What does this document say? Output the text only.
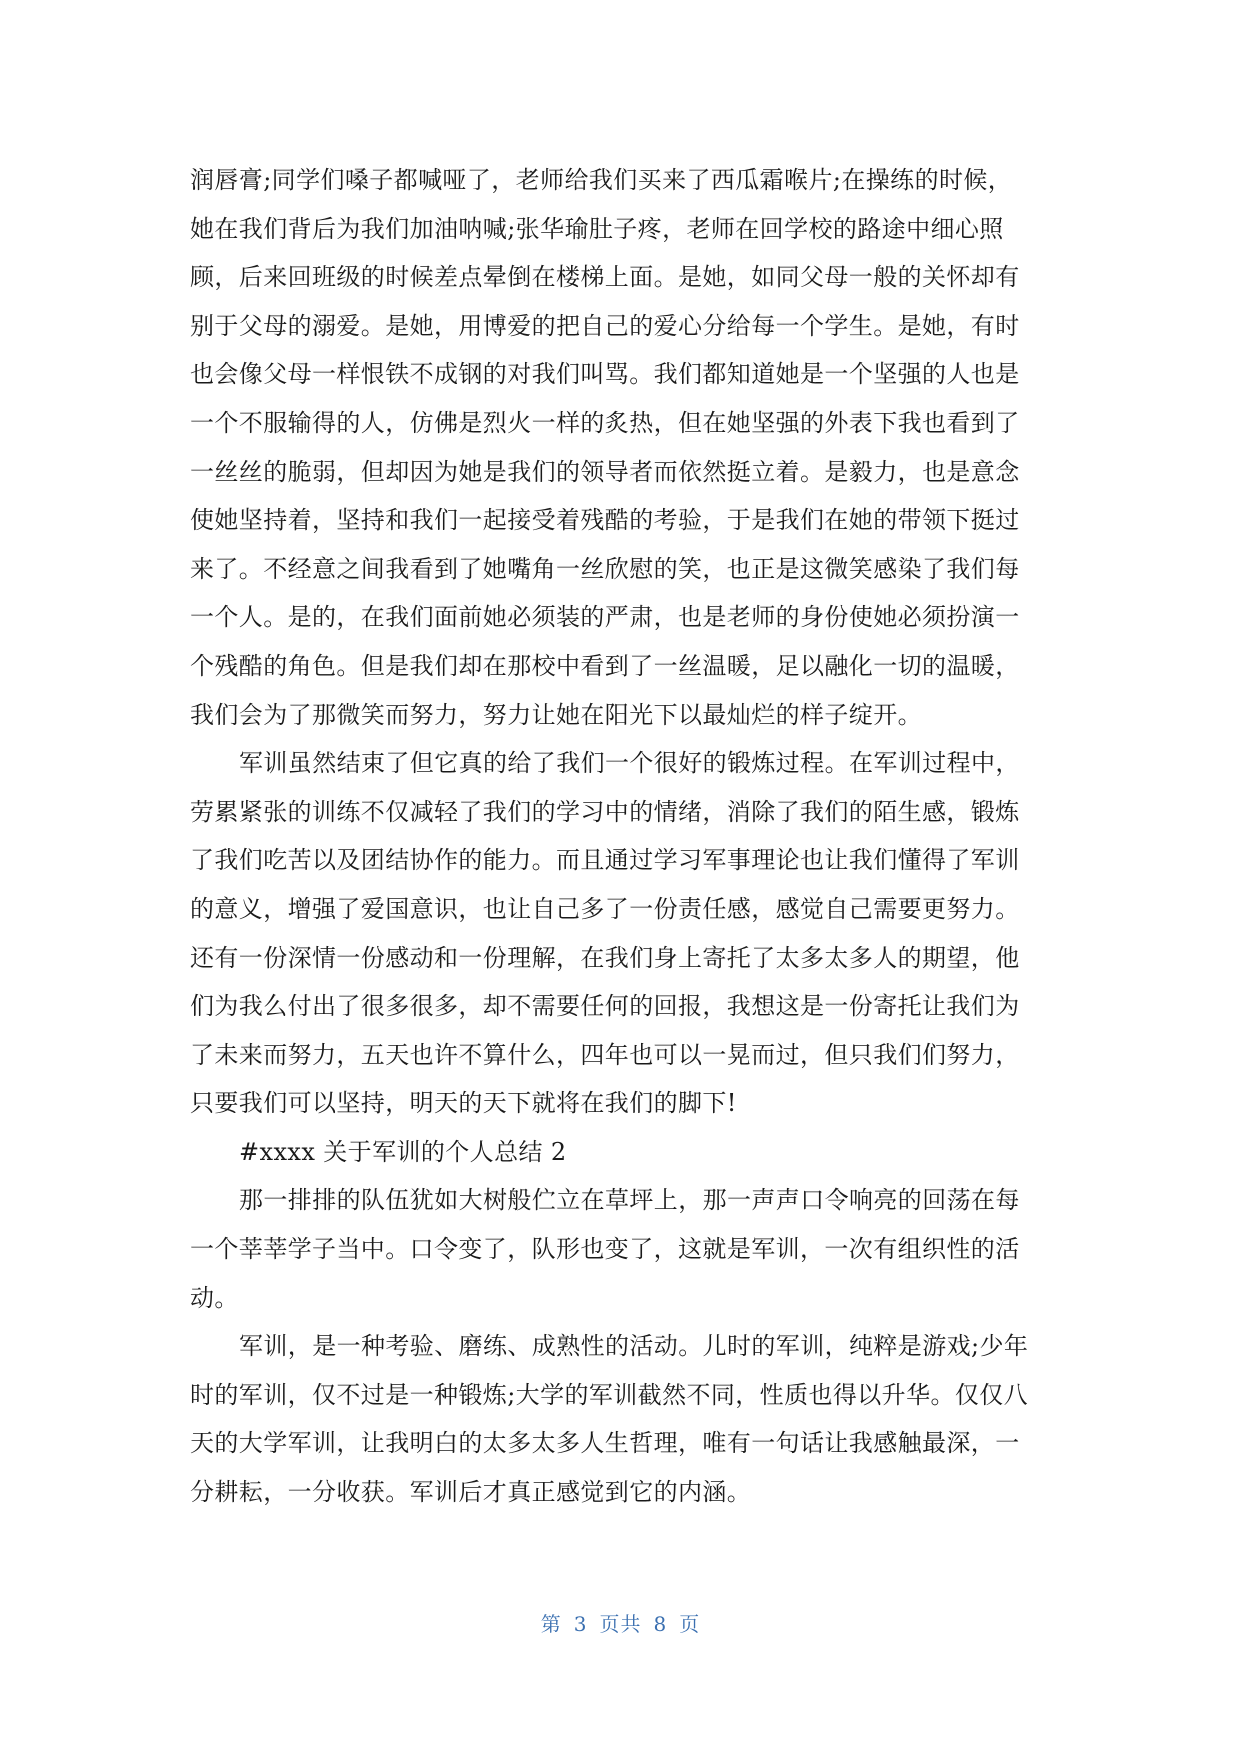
润唇膏;同学们嗓子都喊哑了，老师给我们买来了西瓜霜喉片;在操练的时候，
她在我们背后为我们加油呐喊;张华瑜肚子疼，老师在回学校的路途中细心照
顾，后来回班级的时候差点晕倒在楼梯上面。是她，如同父母一般的关怀却有
别于父母的溺爱。是她，用博爱的把自己的爱心分给每一个学生。是她，有时
也会像父母一样恨铁不成钢的对我们叫骂。我们都知道她是一个坚强的人也是
一个不服输得的人，仿佛是烈火一样的炙热，但在她坚强的外表下我也看到了
一丝丝的脆弱，但却因为她是我们的领导者而依然挺立着。是毅力，也是意念
使她坚持着，坚持和我们一起接受着残酷的考验，于是我们在她的带领下挺过
来了。不经意之间我看到了她嘴角一丝欣慰的笑，也正是这微笑感染了我们每
一个人。是的，在我们面前她必须装的严肃，也是老师的身份使她必须扮演一
个残酷的角色。但是我们却在那校中看到了一丝温暖，足以融化一切的温暖，
我们会为了那微笑而努力，努力让她在阳光下以最灿烂的样子绽开。
军训虽然结束了但它真的给了我们一个很好的锻炼过程。在军训过程中，
劳累紧张的训练不仅减轻了我们的学习中的情绪，消除了我们的陌生感，锻炼
了我们吃苦以及团结协作的能力。而且通过学习军事理论也让我们懂得了军训
的意义，增强了爱国意识，也让自己多了一份责任感，感觉自己需要更努力。
还有一份深情一份感动和一份理解，在我们身上寄托了太多太多人的期望，他
们为我么付出了很多很多，却不需要任何的回报，我想这是一份寄托让我们为
了未来而努力，五天也许不算什么，四年也可以一晃而过，但只我们们努力，
只要我们可以坚持，明天的天下就将在我们的脚下!
#xxxx 关于军训的个人总结 2
那一排排的队伍犹如大树般伫立在草坪上，那一声声口令响亮的回荡在每
一个莘莘学子当中。口令变了，队形也变了，这就是军训，一次有组织性的活
动。
军训，是一种考验、磨练、成熟性的活动。儿时的军训，纯粹是游戏;少年
时的军训，仅不过是一种锻炼;大学的军训截然不同，性质也得以升华。仅仅八
天的大学军训，让我明白的太多太多人生哲理，唯有一句话让我感触最深，一
分耕耘，一分收获。军训后才真正感觉到它的内涵。
第 3 页共 8 页
